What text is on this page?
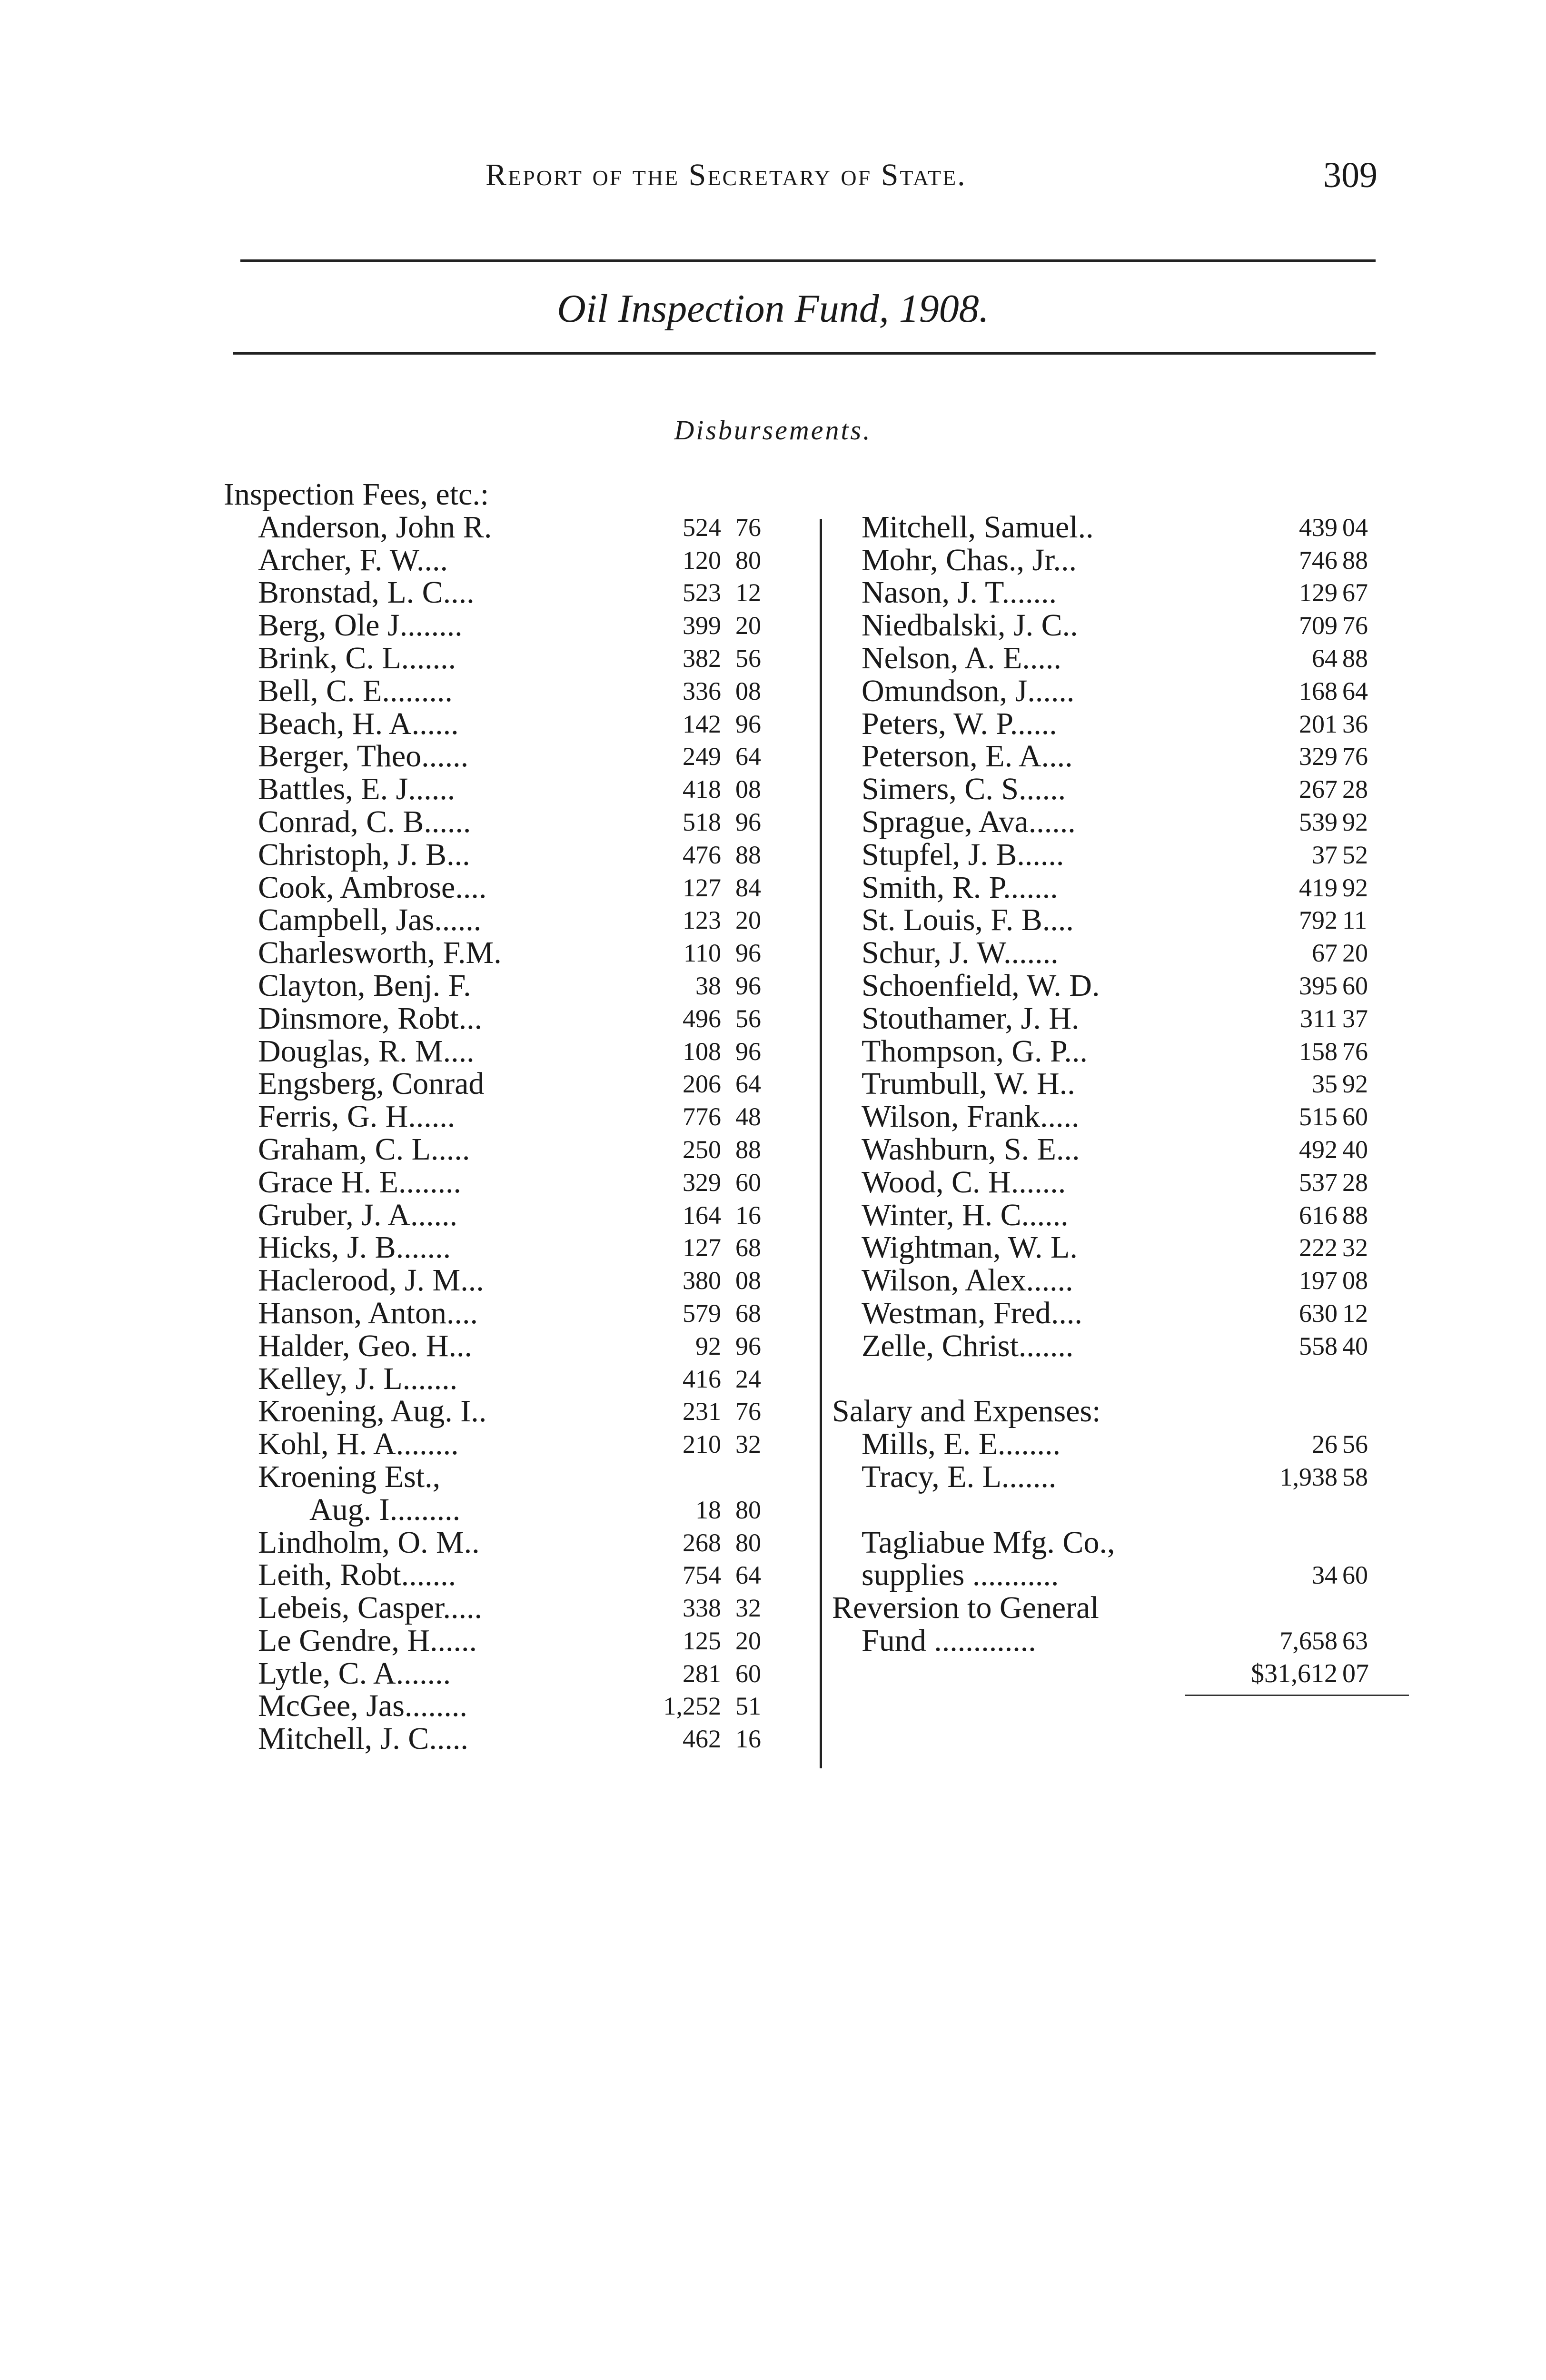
Report of the Secretary of State.	309
Oil Inspection Fund, 1908.
Disbursements.
Inspection Fees, etc.:
Anderson, John R.	524 76
Archer, F. W....	120 80
Bronstad, L. C....	523 12
Berg, Ole J........	399 20
Brink, C. L.......	382 56
Bell, C. E.........	336 08
Beach, H. A......	142 96
Berger, Theo......	249 64
Battles, E. J......	418 08
Conrad, C. B......	518 96
Christoph, J. B...	476 88
Cook, Ambrose....	127 84
Campbell, Jas......	123 20
Charlesworth, F.M.	110 96
Clayton, Benj. F.	38 96
Dinsmore, Robt...	496 56
Douglas, R. M....	108 96
Engsberg, Conrad	206 64
Ferris, G. H......	776 48
Graham, C. L.....	250 88
Grace H. E........	329 60
Gruber, J. A......	164 16
Hicks, J. B.......	127 68
Haclerood, J. M...	380 08
Hanson, Anton....	579 68
Halder, Geo. H...	92 96
Kelley, J. L.......	416 24
Kroening, Aug. I..	231 76
Kohl, H. A........	210 32
Kroening Est.,
Aug. I.........	18 80
Lindholm, O. M..	268 80
Leith, Robt.......	754 64
Lebeis, Casper.....	338 32
Le Gendre, H......	125 20
Lytle, C. A.......	281 60
McGee, Jas........	1,252 51
Mitchell, J. C.....	462 16
Mitchell, Samuel..	439 04
Mohr, Chas., Jr...	746 88
Nason, J. T.......	129 67
Niedbalski, J. C..	709 76
Nelson, A. E.....	64 88
Omundson, J......	168 64
Peters, W. P......	201 36
Peterson, E. A....	329 76
Simers, C. S......	267 28
Sprague, Ava......	539 92
Stupfel, J. B......	37 52
Smith, R. P.......	419 92
St. Louis, F. B....	792 11
Schur, J. W.......	67 20
Schoenfield, W. D.	395 60
Stouthamer, J. H.	311 37
Thompson, G. P...	158 76
Trumbull, W. H..	35 92
Wilson, Frank.....	515 60
Washburn, S. E...	492 40
Wood, C. H.......	537 28
Winter, H. C......	616 88
Wightman, W. L.	222 32
Wilson, Alex......	197 08
Westman, Fred....	630 12
Zelle, Christ.......	558 40
Salary and Expenses:
Mills, E. E........	26 56
Tracy, E. L.......	1,938 58
Tagliabue Mfg. Co.,
supplies ...........	34 60
Reversion to General
Fund .............	7,658 63
$31,612 07
